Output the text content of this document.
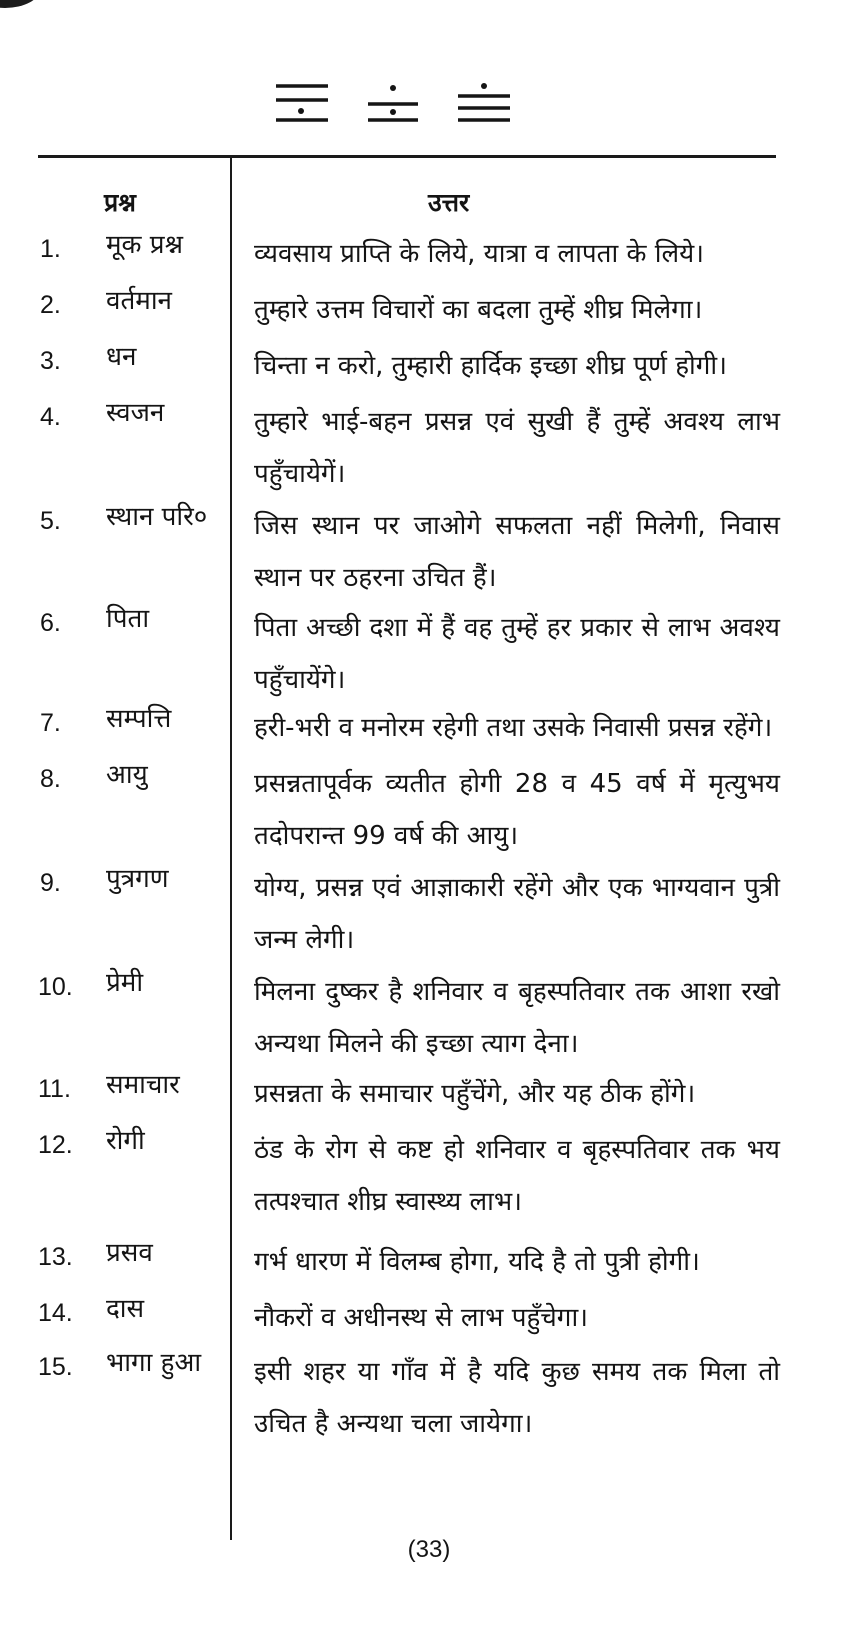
प्रश्न	उत्तर
1. मूक प्रश्न	व्यवसाय प्राप्ति के लिये, यात्रा व लापता के लिये।
2. वर्तमान	तुम्हारे उत्तम विचारों का बदला तुम्हें शीघ्र मिलेगा।
3. धन	चिन्ता न करो, तुम्हारी हार्दिक इच्छा शीघ्र पूर्ण होगी।
4. स्वजन	तुम्हारे भाई-बहन प्रसन्न एवं सुखी हैं तुम्हें अवश्य लाभ पहुँचायेगें।
5. स्थान परि०	जिस स्थान पर जाओगे सफलता नहीं मिलेगी, निवास स्थान पर ठहरना उचित हैं।
6. पिता	पिता अच्छी दशा में हैं वह तुम्हें हर प्रकार से लाभ अवश्य पहुँचायेंगे।
7. सम्पत्ति	हरी-भरी व मनोरम रहेगी तथा उसके निवासी प्रसन्न रहेंगे।
8. आयु	प्रसन्नतापूर्वक व्यतीत होगी 28 व 45 वर्ष में मृत्युभय तदोपरान्त 99 वर्ष की आयु।
9. पुत्रगण	योग्य, प्रसन्न एवं आज्ञाकारी रहेंगे और एक भाग्यवान पुत्री जन्म लेगी।
10. प्रेमी	मिलना दुष्कर है शनिवार व बृहस्पतिवार तक आशा रखो अन्यथा मिलने की इच्छा त्याग देना।
11. समाचार	प्रसन्नता के समाचार पहुँचेंगे, और यह ठीक होंगे।
12. रोगी	ठंड के रोग से कष्ट हो शनिवार व बृहस्पतिवार तक भय तत्पश्चात शीघ्र स्वास्थ्य लाभ।
13. प्रसव	गर्भ धारण में विलम्ब होगा, यदि है तो पुत्री होगी।
14. दास	नौकरों व अधीनस्थ से लाभ पहुँचेगा।
15. भागा हुआ	इसी शहर या गाँव में है यदि कुछ समय तक मिला तो उचित है अन्यथा चला जायेगा।
(33)
